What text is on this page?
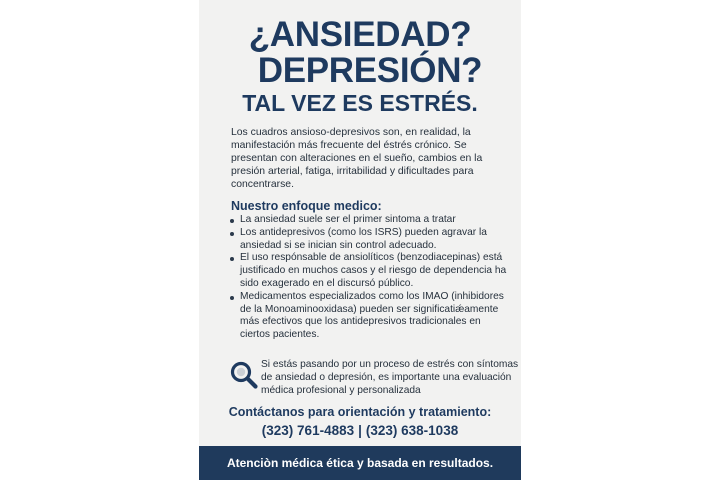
¿ANSIEDAD?
DEPRESIÓN?
TAL VEZ ES ESTRÉS.

Los cuadros ansioso-depresivos son, en realidad, la manifestación más frecuente del éstrés crónico. Se presentan con alteraciones en el sueño, cambios en la presión arterial, fatiga, irritabilidad y dificultades para concentrarse.

Nuestro enfoque medico:
La ansiedad suele ser el primer sintoma a tratar
Los antidepresivos (como los ISRS) pueden agravar la ansiedad si se inician sin control adecuado.
El uso respónsable de ansiolíticos (benzodiacepinas) está justificado en muchos casos y el riesgo de dependencia ha sido exagerado en el discursó público.
Medicamentos especializados como los IMAO (inhibidores de la Monoaminooxidasa) pueden ser significatiǽamente más efectivos que los antidepresivos tradicionales en ciertos pacientes.

Si estás pasando por un proceso de estrés con síntomas de ansiedad o depresión, es importante una evaluación médica profesional y personalizada

Contáctanos para orientación y tratamiento:

(323) 761-4883 | (323) 638-1038
Atenciòn médica ética y basada en resultados.
